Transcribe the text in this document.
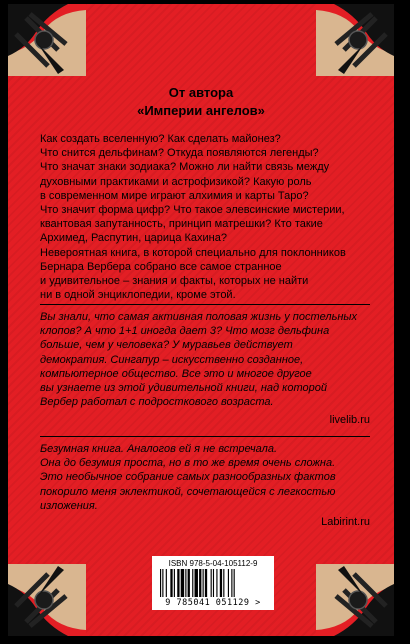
От автора
«Империи ангелов»

Как создать вселенную? Как сделать майонез?

Что снится дельфинам? Откуда появляются легенды?

Что значат знаки зодиака? Можно ли найти связь между

духовными практиками и астрофизикой? Какую роль

в современном мире играют алхимия и карты Таро?

Что значит форма цифр? Что такое элевсинские мистерии,

квантовая запутанность, принцип матрешки? Кто такие

Архимед, Распутин, царица Кахина?

Невероятная книга, в которой специально для поклонников

Бернара Вербера собрано все самое странное

и удивительное – знания и факты, которых не найти

ни в одной энциклопедии, кроме этой.

Вы знали, что самая активная половая жизнь у постельных

клопов? А что 1+1 иногда дает 3? Что мозг дельфина

больше, чем у человека? У муравьев действует

демократия. Сингапур – искусственно созданное,

компьютерное общество. Все это и многое другое

вы узнаете из этой удивительной книги, над которой

Вербер работал с подросткового возраста.

livelib.ru

Безумная книга. Аналогов ей я не встречала.

Она до безумия проста, но в то же время очень сложна.

Это необычное собрание самых разнообразных фактов

покорило меня эклектикой, сочетающейся с легкостью

изложения.

Labirint.ru
ISBN 978-5-04-105112-9
9 785041 051129 >
